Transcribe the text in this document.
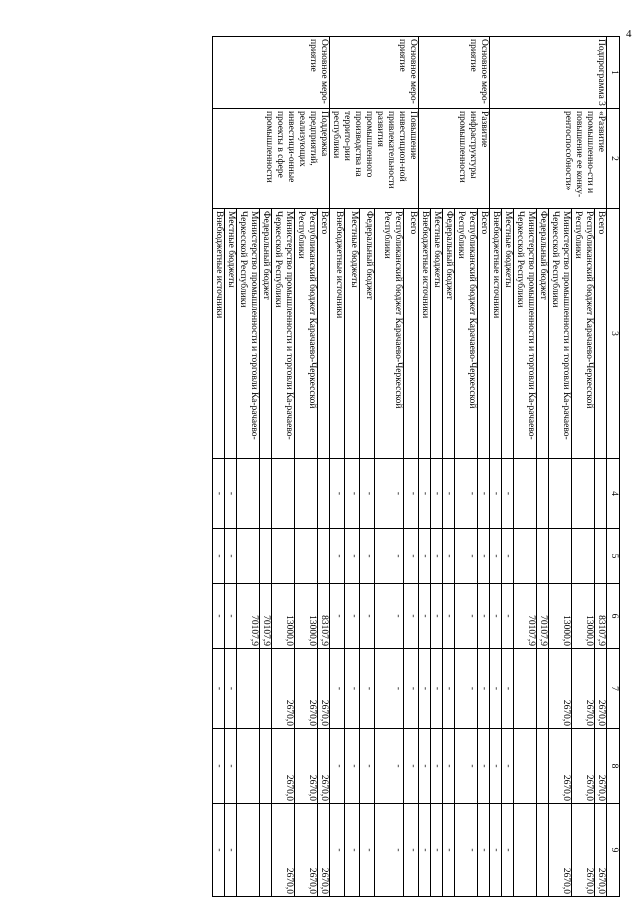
4
1	2	3	4	5	6	7	8	9
Подпрограмма 3	«Развитие промышленно-сти и повышение ее конку-рентоспособности»	Всего			83107,9	2670,0	2670,0	2670,0
		Республиканский бюджет Карачаево-Черкесской Республики			13000,0	2670,0	2670,0	2670,0
		Министерство промышленности и торговли Ка-рачаево-Черкесской Республики			13000,0	2670,0	2670,0	2670,0
		Федеральный бюджет			70107,9			
		Министерство промышленности и торговли Ка-рачаево-Черкесской Республики			70107,9			
		Местные бюджеты	-	-	-	-	-	-
		Внебюджетные источники	-	-	-	-	-	-
Основное меро-приятие	Развитие инфраструктуры промышленности	Всего	-	-	-	-	-	-
		Республиканский бюджет Карачаево-Черкесской Республики	-	-	-	-	-	-
		Федеральный бюджет	-	-	-	-	-	-
		Местные бюджеты	-	-	-	-	-	-
		Внебюджетные источники	-	-	-	-	-	-
Основное меро-приятие	Повышение инвестицион-ной привлекательности развития промышленного производства на террито-рии республики	Всего	-	-	-	-	-	-
		Республиканский бюджет Карачаево-Черкесской Республики	-	-	-	-	-	-
		Федеральный бюджет	-	-	-	-	-	-
		Местные бюджеты	-	-	-	-	-	-
		Внебюджетные источники	-	-	-	-	-	-
Основное меро-приятие	Поддержка предприятий, реализующих инвестици-онные проекты в сфере промышленности	Всего			83107,9	2670,0	2670,0	2670,0
		Республиканский бюджет Карачаево-Черкесской Республики			13000,0	2670,0	2670,0	2670,0
		Министерство промышленности и торговли Ка-рачаево-Черкесской Республики			13000,0	2670,0	2670,0	2670,0
		Федеральный бюджет			70107,9			
		Министерство промышленности и торговли Ка-рачаево-Черкесской Республики			70107,9			
		Местные бюджеты	-	-	-	-	-	-
		Внебюджетные источники	-	-	-	-	-	-
